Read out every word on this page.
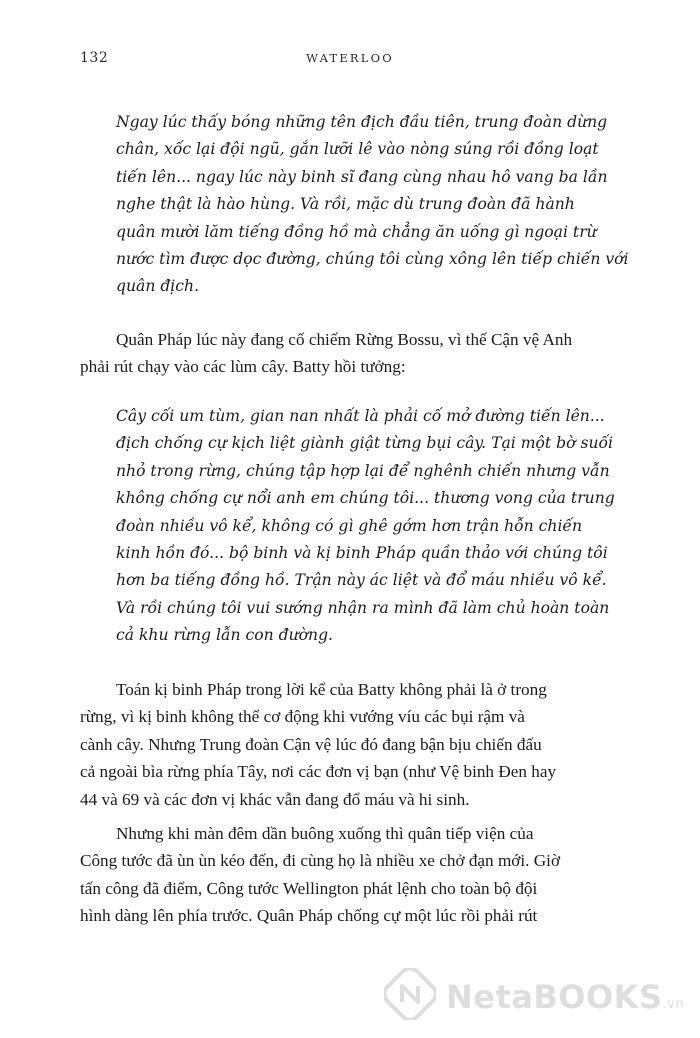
132	WATERLOO
Ngay lúc thấy bóng những tên địch đầu tiên, trung đoàn dừng
chân, xốc lại đội ngũ, gắn lưỡi lê vào nòng súng rồi đồng loạt
tiến lên... ngay lúc này binh sĩ đang cùng nhau hô vang ba lần
nghe thật là hào hùng. Và rồi, mặc dù trung đoàn đã hành
quân mười lăm tiếng đồng hồ mà chẳng ăn uống gì ngoại trừ
nước tìm được dọc đường, chúng tôi cùng xông lên tiếp chiến với
quân địch.
Quân Pháp lúc này đang cố chiếm Rừng Bossu, vì thế Cận vệ Anh
phải rút chạy vào các lùm cây. Batty hồi tưởng:
Cây cối um tùm, gian nan nhất là phải cố mở đường tiến lên...
địch chống cự kịch liệt giành giật từng bụi cây. Tại một bờ suối
nhỏ trong rừng, chúng tập hợp lại để nghênh chiến nhưng vẫn
không chống cự nổi anh em chúng tôi... thương vong của trung
đoàn nhiều vô kể, không có gì ghê gớm hơn trận hỗn chiến
kinh hồn đó... bộ binh và kị binh Pháp quần thảo với chúng tôi
hơn ba tiếng đồng hồ. Trận này ác liệt và đổ máu nhiều vô kể.
Và rồi chúng tôi vui sướng nhận ra mình đã làm chủ hoàn toàn
cả khu rừng lẫn con đường.
Toán kị binh Pháp trong lời kể của Batty không phải là ở trong
rừng, vì kị binh không thể cơ động khi vướng víu các bụi rậm và
cành cây. Nhưng Trung đoàn Cận vệ lúc đó đang bận bịu chiến đấu
cả ngoài bìa rừng phía Tây, nơi các đơn vị bạn (như Vệ binh Đen hay
44 và 69 và các đơn vị khác vẫn đang đổ máu và hi sinh.
Nhưng khi màn đêm dần buông xuống thì quân tiếp viện của
Công tước đã ùn ùn kéo đến, đi cùng họ là nhiều xe chở đạn mới. Giờ
tấn công đã điểm, Công tước Wellington phát lệnh cho toàn bộ đội
hình dàng lên phía trước. Quân Pháp chống cự một lúc rồi phải rút
NetaBOOKS.vn
